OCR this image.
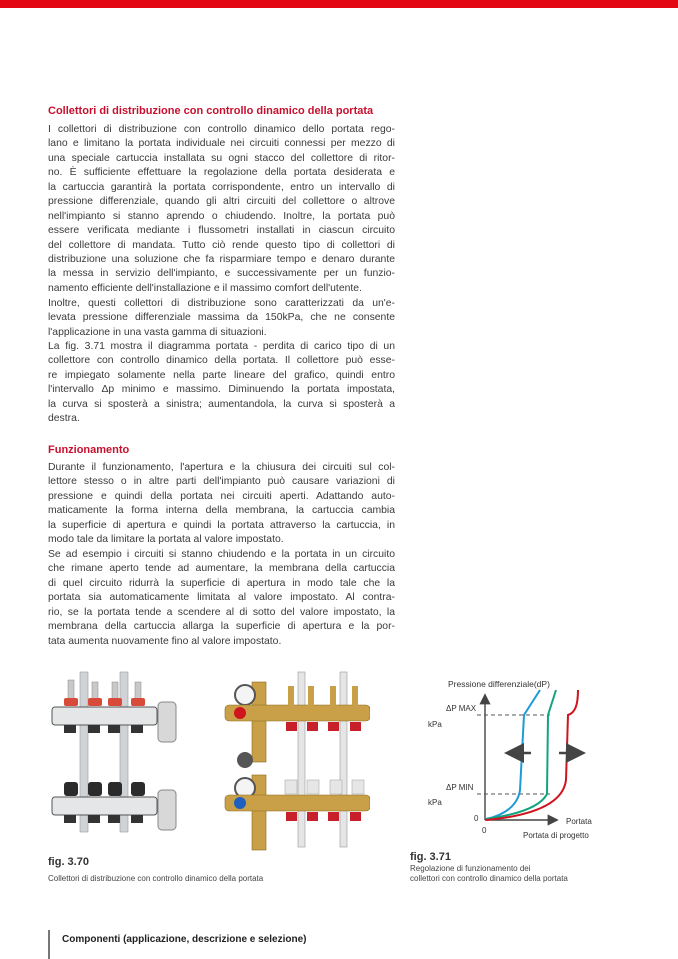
Collettori di distribuzione con controllo dinamico della portata
I collettori di distribuzione con controllo dinamico dello portata rego-
lano e limitano la portata individuale nei circuiti connessi per mezzo di
una speciale cartuccia installata su ogni stacco del collettore di ritor-
no. È sufficiente effettuare la regolazione della portata desiderata e
la cartuccia garantirà la portata corrispondente, entro un intervallo di
pressione differenziale, quando gli altri circuiti del collettore o altrove
nell'impianto si stanno aprendo o chiudendo. Inoltre, la portata può
essere verificata mediante i flussometri installati in ciascun circuito
del collettore di mandata. Tutto ciò rende questo tipo di collettori di
distribuzione una soluzione che fa risparmiare tempo e denaro durante
la messa in servizio dell'impianto, e successivamente per un funzio-
namento efficiente dell'installazione e il massimo comfort dell'utente.
Inoltre, questi collettori di distribuzione sono caratterizzati da un'e-
levata pressione differenziale massima da 150kPa, che ne consente
l'applicazione in una vasta gamma di situazioni.
La fig. 3.71 mostra il diagramma portata - perdita di carico tipo di un
collettore con controllo dinamico della portata. Il collettore può esse-
re impiegato solamente nella parte lineare del grafico, quindi entro
l'intervallo Δp minimo e massimo. Diminuendo la portata impostata,
la curva si sposterà a sinistra; aumentandola, la curva si sposterà a
destra.
Funzionamento
Durante il funzionamento, l'apertura e la chiusura dei circuiti sul col-
lettore stesso o in altre parti dell'impianto può causare variazioni di
pressione e quindi della portata nei circuiti aperti. Adattando auto-
maticamente la forma interna della membrana, la cartuccia cambia
la superficie di apertura e quindi la portata attraverso la cartuccia, in
modo tale da limitare la portata al valore impostato.
Se ad esempio i circuiti si stanno chiudendo e la portata in un circuito
che rimane aperto tende ad aumentare, la membrana della cartuccia
di quel circuito ridurrà la superficie di apertura in modo tale che la
portata sia automaticamente limitata al valore impostato. Al contra-
rio, se la portata tende a scendere al di sotto del valore impostato, la
membrana della cartuccia allarga la superficie di apertura e la por-
tata aumenta nuovamente fino al valore impostato.
fig. 3.70
Collettori di distribuzione con controllo dinamico della portata
Pressione differenziale(dP)
ΔP MAX
kPa
ΔP MIN
kPa
0
0
Portata
Portata di progetto
fig. 3.71
Regolazione di funzionamento dei
collettori con controllo dinamico della portata
Componenti (applicazione, descrizione e selezione)
